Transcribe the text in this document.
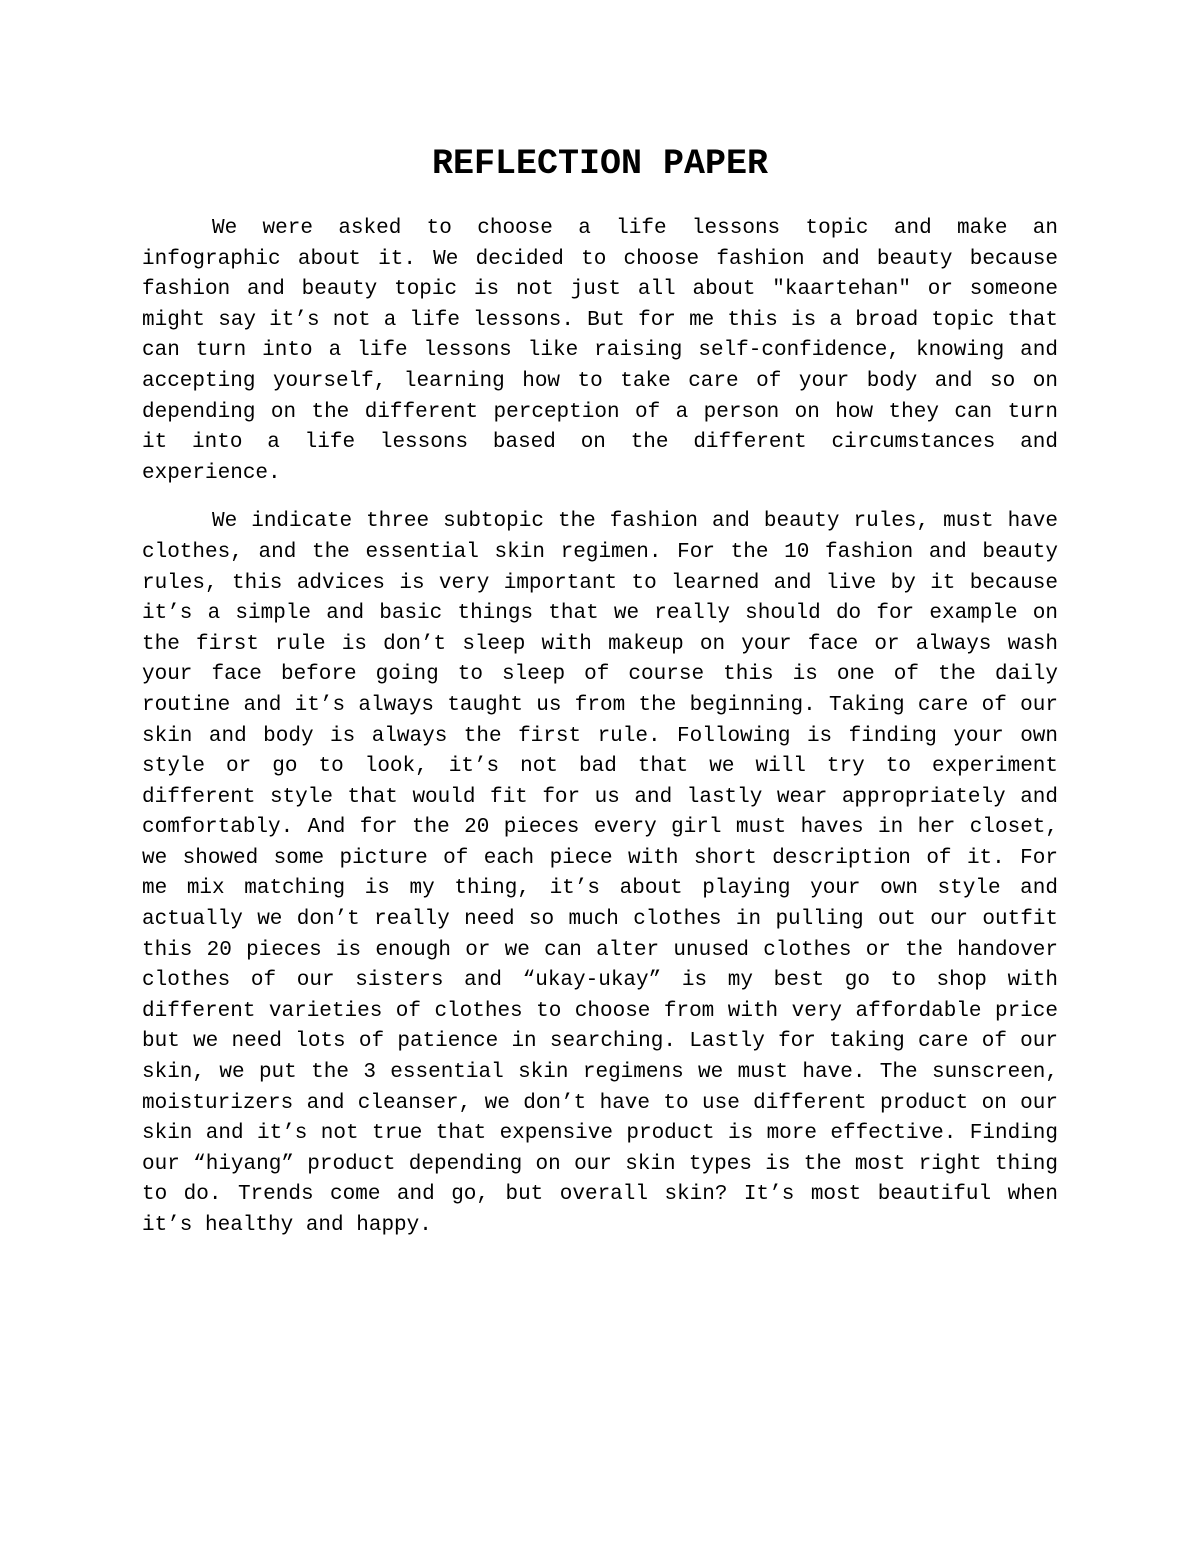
REFLECTION PAPER

We were asked to choose a life lessons topic and make an infographic about it. We decided to choose fashion and beauty because fashion and beauty topic is not just all about "kaartehan" or someone might say it’s not a life lessons. But for me this is a broad topic that can turn into a life lessons like raising self-confidence, knowing and accepting yourself, learning how to take care of your body and so on depending on the different perception of a person on how they can turn it into a life lessons based on the different circumstances and experience.

We indicate three subtopic the fashion and beauty rules, must have clothes, and the essential skin regimen. For the 10 fashion and beauty rules, this advices is very important to learned and live by it because it’s a simple and basic things that we really should do for example on the first rule is don’t sleep with makeup on your face or always wash your face before going to sleep of course this is one of the daily routine and it’s always taught us from the beginning. Taking care of our skin and body is always the first rule. Following is finding your own style or go to look, it’s not bad that we will try to experiment different style that would fit for us and lastly wear appropriately and comfortably. And for the 20 pieces every girl must haves in her closet, we showed some picture of each piece with short description of it. For me mix matching is my thing, it’s about playing your own style and actually we don’t really need so much clothes in pulling out our outfit this 20 pieces is enough or we can alter unused clothes or the handover clothes of our sisters and “ukay-ukay” is my best go to shop with different varieties of clothes to choose from with very affordable price but we need lots of patience in searching. Lastly for taking care of our skin, we put the 3 essential skin regimens we must have. The sunscreen, moisturizers and cleanser, we don’t have to use different product on our skin and it’s not true that expensive product is more effective. Finding our “hiyang” product depending on our skin types is the most right thing to do. Trends come and go, but overall skin? It’s most beautiful when it’s healthy and happy.
